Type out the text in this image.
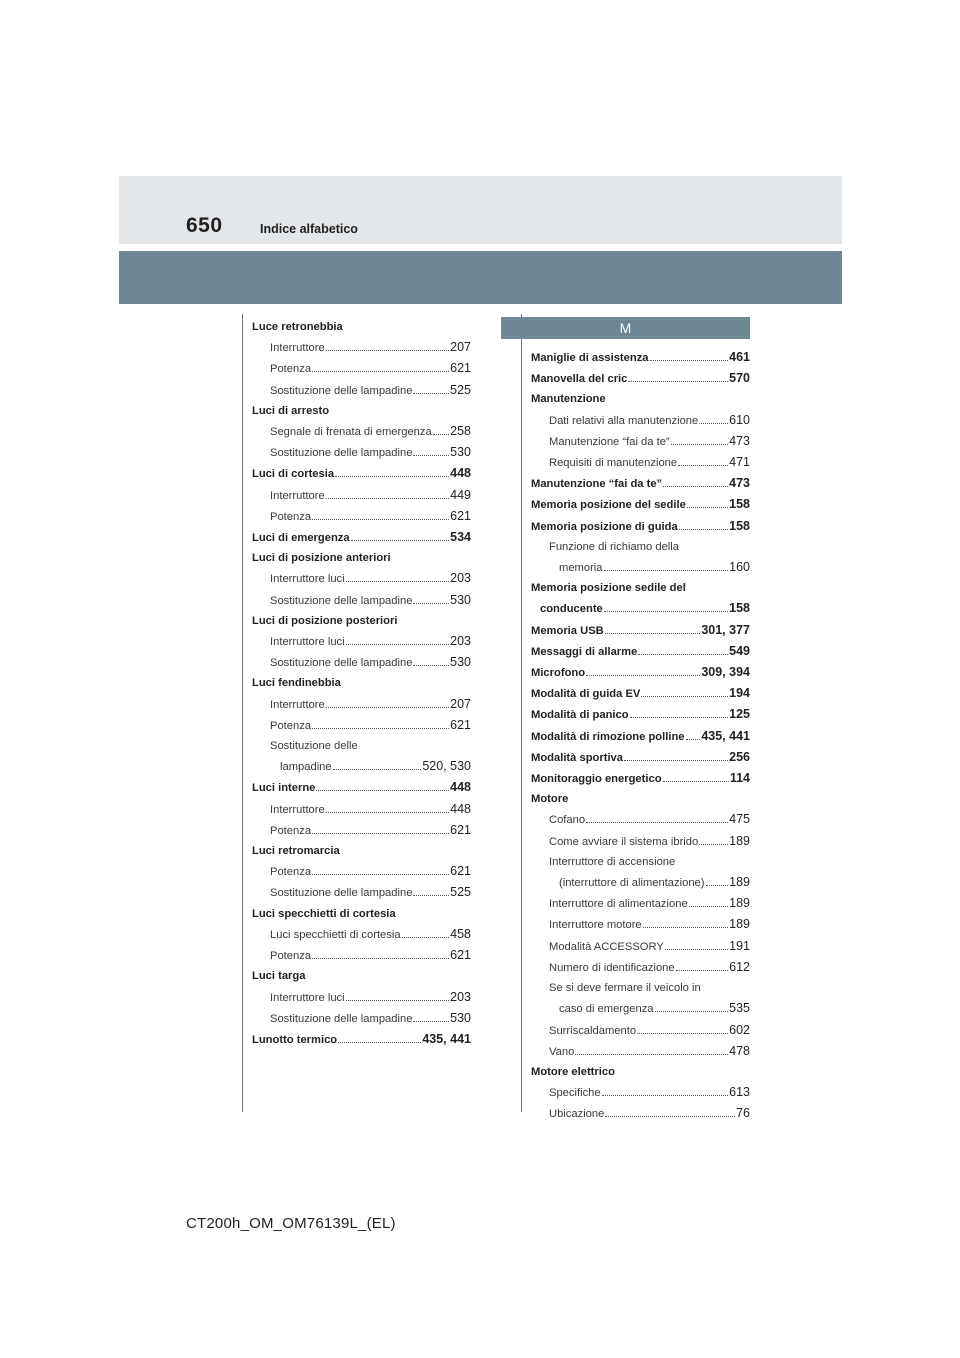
650	Indice alfabetico
Luce retronebbia
Interruttore	207
Potenza	621
Sostituzione delle lampadine	525
Luci di arresto
Segnale di frenata di emergenza 258
Sostituzione delle lampadine	530
Luci di cortesia	448
Interruttore	449
Potenza	621
Luci di emergenza	534
Luci di posizione anteriori
Interruttore luci	203
Sostituzione delle lampadine	530
Luci di posizione posteriori
Interruttore luci	203
Sostituzione delle lampadine	530
Luci fendinebbia
Interruttore	207
Potenza	621
Sostituzione delle
lampadine	520, 530
Luci interne	448
Interruttore	448
Potenza	621
Luci retromarcia
Potenza	621
Sostituzione delle lampadine	525
Luci specchietti di cortesia
Luci specchietti di cortesia	458
Potenza	621
Luci targa
Interruttore luci	203
Sostituzione delle lampadine	530
Lunotto termico	435, 441
M
Maniglie di assistenza	461
Manovella del cric	570
Manutenzione
Dati relativi alla manutenzione 610
Manutenzione “fai da te”	473
Requisiti di manutenzione	471
Manutenzione “fai da te”	473
Memoria posizione del sedile	158
Memoria posizione di guida	158
Funzione di richiamo della
memoria	160
Memoria posizione sedile del
conducente	158
Memoria USB	301, 377
Messaggi di allarme	549
Microfono	309, 394
Modalità di guida EV	194
Modalità di panico	125
Modalità di rimozione polline 435, 441
Modalità sportiva	256
Monitoraggio energetico	114
Motore
Cofano	475
Come avviare il sistema ibrido 189
Interruttore di accensione
(interruttore di alimentazione) 189
Interruttore di alimentazione	189
Interruttore motore	189
Modalità ACCESSORY	191
Numero di identificazione	612
Se si deve fermare il veicolo in
caso di emergenza	535
Surriscaldamento	602
Vano	478
Motore elettrico
Specifiche	613
Ubicazione	76
CT200h_OM_OM76139L_(EL)
